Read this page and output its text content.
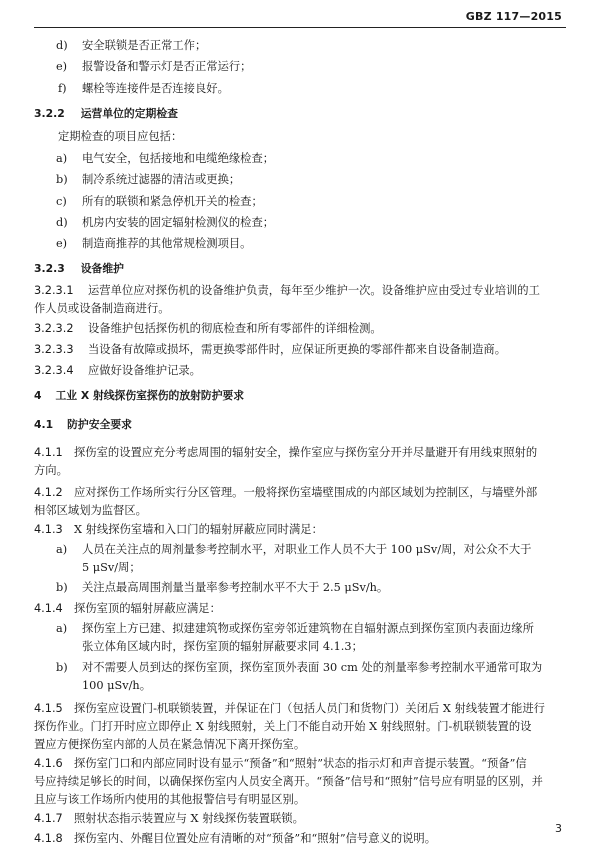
GBZ 117—2015
d) 安全联锁是否正常工作；
e) 报警设备和警示灯是否正常运行；
f) 螺栓等连接件是否连接良好。
3.2.2 运营单位的定期检查
定期检查的项目应包括：
a) 电气安全，包括接地和电缆绝缘检查；
b) 制冷系统过滤器的清洁或更换；
c) 所有的联锁和紧急停机开关的检查；
d) 机房内安装的固定辐射检测仪的检查；
e) 制造商推荐的其他常规检测项目。
3.2.3 设备维护
3.2.3.1 运营单位应对探伤机的设备维护负责，每年至少维护一次。设备维护应由受过专业培训的工
作人员或设备制造商进行。
3.2.3.2 设备维护包括探伤机的彻底检查和所有零部件的详细检测。
3.2.3.3 当设备有故障或损坏，需更换零部件时，应保证所更换的零部件都来自设备制造商。
3.2.3.4 应做好设备维护记录。
4 工业 X 射线探伤室探伤的放射防护要求
4.1 防护安全要求
4.1.1 探伤室的设置应充分考虑周围的辐射安全，操作室应与探伤室分开并尽量避开有用线束照射的
方向。
4.1.2 应对探伤工作场所实行分区管理。一般将探伤室墙壁围成的内部区域划为控制区，与墙壁外部
相邻区域划为监督区。
4.1.3 X 射线探伤室墙和入口门的辐射屏蔽应同时满足：
a) 人员在关注点的周剂量参考控制水平，对职业工作人员不大于 100 μSv/周，对公众不大于
5 μSv/周；
b) 关注点最高周围剂量当量率参考控制水平不大于 2.5 μSv/h。
4.1.4 探伤室顶的辐射屏蔽应满足：
a) 探伤室上方已建、拟建建筑物或探伤室旁邻近建筑物在自辐射源点到探伤室顶内表面边缘所
张立体角区域内时，探伤室顶的辐射屏蔽要求同 4.1.3；
b) 对不需要人员到达的探伤室顶，探伤室顶外表面 30 cm 处的剂量率参考控制水平通常可取为
100 μSv/h。
4.1.5 探伤室应设置门-机联锁装置，并保证在门（包括人员门和货物门）关闭后 X 射线装置才能进行
探伤作业。门打开时应立即停止 X 射线照射，关上门不能自动开始 X 射线照射。门-机联锁装置的设
置应方便探伤室内部的人员在紧急情况下离开探伤室。
4.1.6 探伤室门口和内部应同时设有显示“预备”和“照射”状态的指示灯和声音提示装置。“预备”信
号应持续足够长的时间，以确保探伤室内人员安全离开。“预备”信号和“照射”信号应有明显的区别，并
且应与该工作场所内使用的其他报警信号有明显区别。
4.1.7 照射状态指示装置应与 X 射线探伤装置联锁。
4.1.8 探伤室内、外醒目位置处应有清晰的对“预备”和“照射”信号意义的说明。
3
